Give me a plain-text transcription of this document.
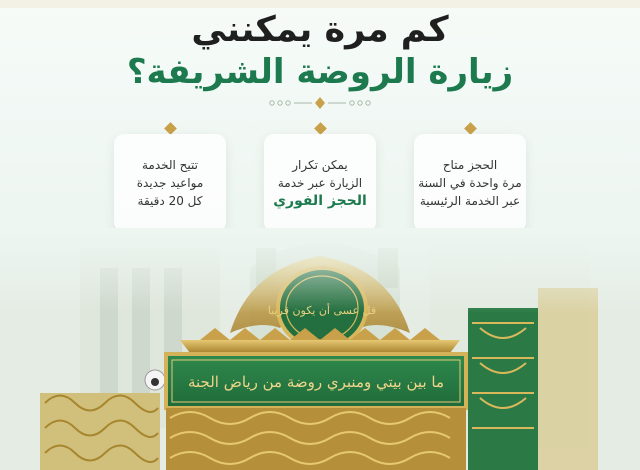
كم مرة يمكنني
زيارة الروضة الشريفة؟
الحجز متاح
مرة واحدة في السنة
عبر الخدمة الرئيسية
يمكن تكرار
الزيارة عبر خدمة
الحجز الفوري
تتيح الخدمة
مواعيد جديدة
كل 20 دقيقة
